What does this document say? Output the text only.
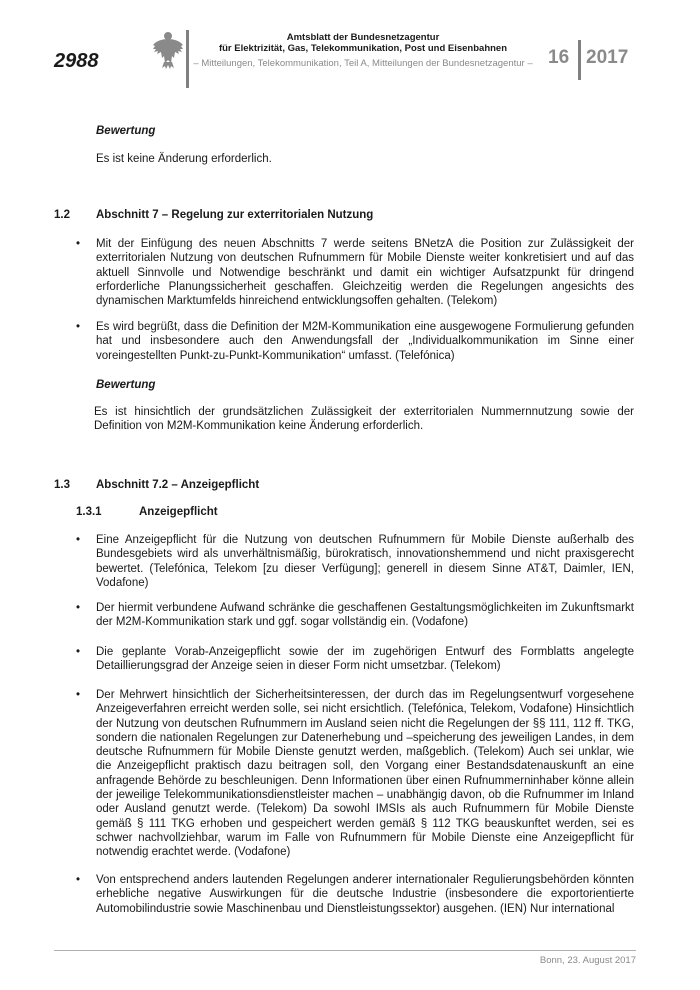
2988
Amtsblatt der Bundesnetzagentur
für Elektrizität, Gas, Telekommunikation, Post und Eisenbahnen
– Mitteilungen, Telekommunikation, Teil A, Mitteilungen der Bundesnetzagentur – 16 2017
Bewertung
Es ist keine Änderung erforderlich.
1.2 Abschnitt 7 – Regelung zur exterritorialen Nutzung
• Mit der Einfügung des neuen Abschnitts 7 werde seitens BNetzA die Position zur Zulässigkeit der exterritorialen Nutzung von deutschen Rufnummern für Mobile Dienste weiter konkretisiert und auf das aktuell Sinnvolle und Notwendige beschränkt und damit ein wichtiger Aufsatzpunkt für dringend erforderliche Planungssicherheit geschaffen. Gleichzeitig werden die Regelungen angesichts des dynamischen Marktumfelds hinreichend entwicklungsoffen gehalten. (Telekom)

• Es wird begrüßt, dass die Definition der M2M-Kommunikation eine ausgewogene Formulierung gefunden hat und insbesondere auch den Anwendungsfall der „Individualkommunikation im Sinne einer voreingestellten Punkt-zu-Punkt-Kommunikation“ umfasst. (Telefónica)

Bewertung

Es ist hinsichtlich der grundsätzlichen Zulässigkeit der exterritorialen Nummernnutzung sowie der Definition von M2M-Kommunikation keine Änderung erforderlich.

1.3 Abschnitt 7.2 – Anzeigepflicht
1.3.1	Anzeigepflicht
• Eine Anzeigepflicht für die Nutzung von deutschen Rufnummern für Mobile Dienste außerhalb des Bundesgebiets wird als unverhältnismäßig, bürokratisch, innovationshemmend und nicht praxisgerecht bewertet. (Telefónica, Telekom [zu dieser Verfügung]; generell in diesem Sinne AT&T, Daimler, IEN, Vodafone)

• Der hiermit verbundene Aufwand schränke die geschaffenen Gestaltungsmöglichkeiten im Zukunftsmarkt der M2M-Kommunikation stark und ggf. sogar vollständig ein. (Vodafone)

• Die geplante Vorab-Anzeigepflicht sowie der im zugehörigen Entwurf des Formblatts angelegte Detaillierungsgrad der Anzeige seien in dieser Form nicht umsetzbar. (Telekom)

• Der Mehrwert hinsichtlich der Sicherheitsinteressen, der durch das im Regelungsentwurf vorgesehene Anzeigeverfahren erreicht werden solle, sei nicht ersichtlich. (Telefónica, Telekom, Vodafone) Hinsichtlich der Nutzung von deutschen Rufnummern im Ausland seien nicht die Regelungen der §§ 111, 112 ff. TKG, sondern die nationalen Regelungen zur Datenerhebung und –speicherung des jeweiligen Landes, in dem deutsche Rufnummern für Mobile Dienste genutzt werden, maßgeblich. (Telekom) Auch sei unklar, wie die Anzeigepflicht praktisch dazu beitragen soll, den Vorgang einer Bestandsdatenauskunft an eine anfragende Behörde zu beschleunigen. Denn Informationen über einen Rufnummerninhaber könne allein der jeweilige Telekommunikationsdienstleister machen – unabhängig davon, ob die Rufnummer im Inland oder Ausland genutzt werde. (Telekom) Da sowohl IMSIs als auch Rufnummern für Mobile Dienste gemäß § 111 TKG erhoben und gespeichert werden gemäß § 112 TKG beauskunftet werden, sei es schwer nachvollziehbar, warum im Falle von Rufnummern für Mobile Dienste eine Anzeigepflicht für notwendig erachtet werde. (Vodafone)

• Von entsprechend anders lautenden Regelungen anderer internationaler Regulierungsbehörden könnten erhebliche negative Auswirkungen für die deutsche Industrie (insbesondere die exportorientierte Automobilindustrie sowie Maschinenbau und Dienstleistungssektor) ausgehen. (IEN) Nur international

Bonn, 23. August 2017
